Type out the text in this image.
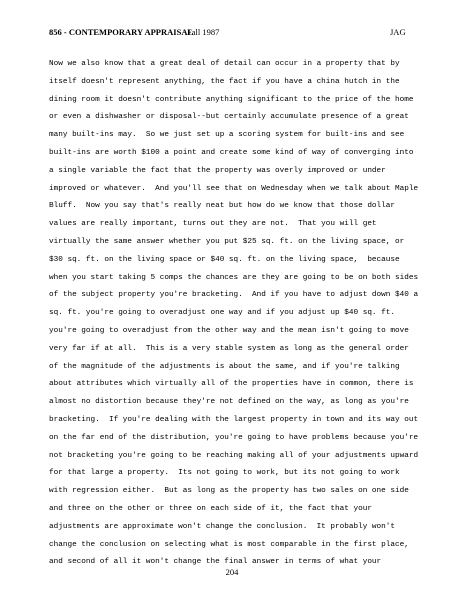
856 - CONTEMPORARY APPRAISAL
Fall 1987	JAG
Now we also know that a great deal of detail can occur in a property that by
itself doesn't represent anything, the fact if you have a china hutch in the
dining room it doesn't contribute anything significant to the price of the home
or even a dishwasher or disposal--but certainly accumulate presence of a great
many built-ins may.  So we just set up a scoring system for built-ins and see
built-ins are worth $100 a point and create some kind of way of converging into
a single variable the fact that the property was overly improved or under
improved or whatever.  And you'll see that on Wednesday when we talk about Maple
Bluff.  Now you say that's really neat but how do we know that those dollar
values are really important, turns out they are not.  That you will get
virtually the same answer whether you put $25 sq. ft. on the living space, or
$30 sq. ft. on the living space or $40 sq. ft. on the living space,  because
when you start taking 5 comps the chances are they are going to be on both sides
of the subject property you're bracketing.  And if you have to adjust down $40 a
sq. ft. you're going to overadjust one way and if you adjust up $40 sq. ft.
you're going to overadjust from the other way and the mean isn't going to move
very far if at all.  This is a very stable system as long as the general order
of the magnitude of the adjustments is about the same, and if you're talking
about attributes which virtually all of the properties have in common, there is
almost no distortion because they're not defined on the way, as long as you're
bracketing.  If you're dealing with the largest property in town and its way out
on the far end of the distribution, you're going to have problems because you're
not bracketing you're going to be reaching making all of your adjustments upward
for that large a property.  Its not going to work, but its not going to work
with regression either.  But as long as the property has two sales on one side
and three on the other or three on each side of it, the fact that your
adjustments are approximate won't change the conclusion.  It probably won't
change the conclusion on selecting what is most comparable in the first place,
and second of all it won't change the final answer in terms of what your
204
